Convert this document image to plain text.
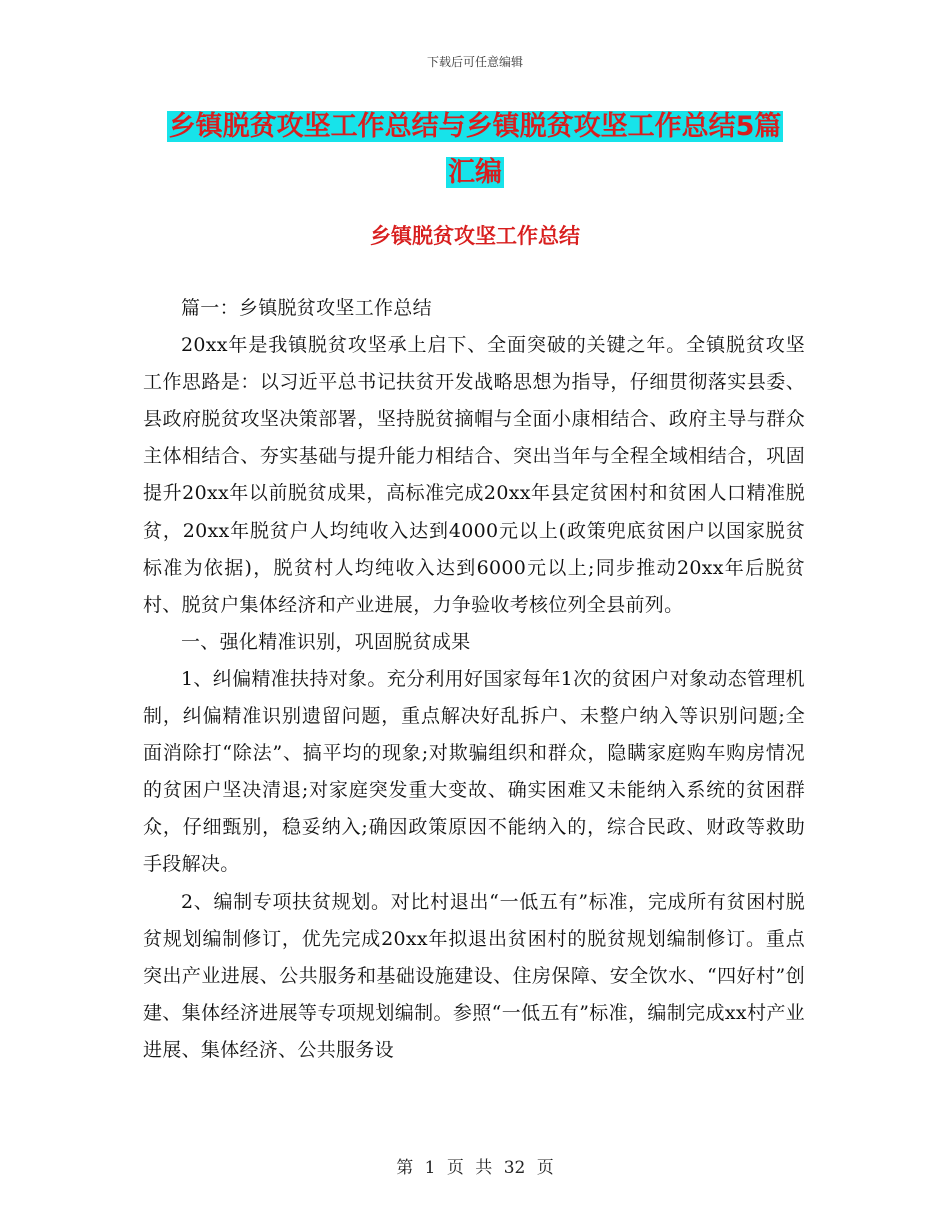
下载后可任意编辑
乡镇脱贫攻坚工作总结与乡镇脱贫攻坚工作总结5篇
汇编
乡镇脱贫攻坚工作总结

篇一：乡镇脱贫攻坚工作总结

20xx年是我镇脱贫攻坚承上启下、全面突破的关键之年。全镇脱贫攻坚工作思路是：以习近平总书记扶贫开发战略思想为指导，仔细贯彻落实县委、县政府脱贫攻坚决策部署，坚持脱贫摘帽与全面小康相结合、政府主导与群众主体相结合、夯实基础与提升能力相结合、突出当年与全程全域相结合，巩固提升20xx年以前脱贫成果，高标准完成20xx年县定贫困村和贫困人口精准脱贫，20xx年脱贫户人均纯收入达到4000元以上(政策兜底贫困户以国家脱贫标准为依据)，脱贫村人均纯收入达到6000元以上;同步推动20xx年后脱贫村、脱贫户集体经济和产业进展，力争验收考核位列全县前列。

一、强化精准识别，巩固脱贫成果

1、纠偏精准扶持对象。充分利用好国家每年1次的贫困户对象动态管理机制，纠偏精准识别遗留问题，重点解决好乱拆户、未整户纳入等识别问题;全面消除打“除法”、搞平均的现象;对欺骗组织和群众，隐瞒家庭购车购房情况的贫困户坚决清退;对家庭突发重大变故、确实困难又未能纳入系统的贫困群众，仔细甄别，稳妥纳入;确因政策原因不能纳入的，综合民政、财政等救助手段解决。

2、编制专项扶贫规划。对比村退出“一低五有”标准，完成所有贫困村脱贫规划编制修订，优先完成20xx年拟退出贫困村的脱贫规划编制修订。重点突出产业进展、公共服务和基础设施建设、住房保障、安全饮水、“四好村”创建、集体经济进展等专项规划编制。参照“一低五有”标准，编制完成xx村产业进展、集体经济、公共服务设

第 1 页 共 32 页
